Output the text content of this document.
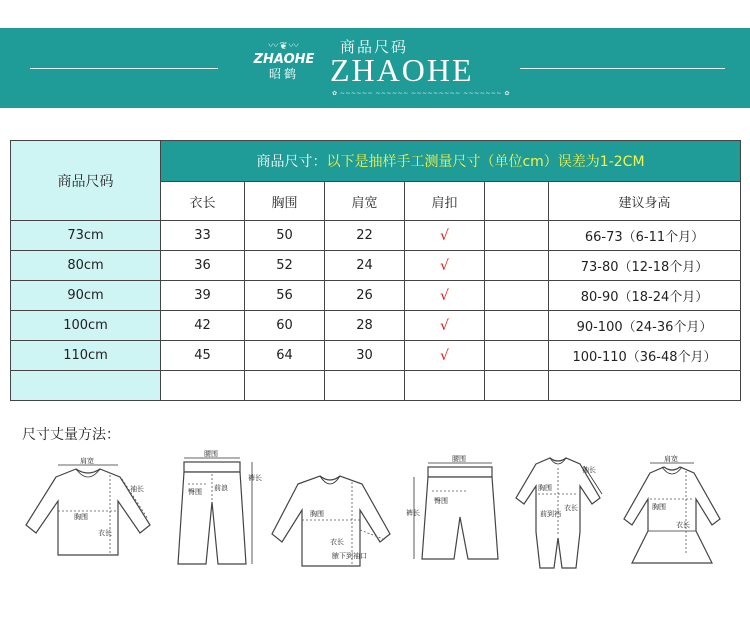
〰❦〰
ZHAOHE
昭鹤
商品尺码
ZHAOHE
✿ ~~~~~~ ~~~~~~ ~~~~~~~~~ ~~~~~~~ ✿
商品尺码	商品尺寸：以下是抽样手工测量尺寸（单位cm）误差为1-2CM					
	衣长	胸围	肩宽	肩扣		建议身高
73cm	33	50	22	√		66-73（6-11个月）
80cm	36	52	24	√		73-80（12-18个月）
90cm	39	56	26	√		80-90（18-24个月）
100cm	42	60	28	√		90-100（24-36个月）
110cm	45	64	30	√		100-110（36-48个月）

尺寸丈量方法：
肩宽
袖长
胸围
衣长
腰围
前浪
臀围
裤长
胸围
衣长
腋下到袖口
腰围
臀围
裤长
胸围
衣长
前到裆
袖长
肩宽
胸围
衣长
